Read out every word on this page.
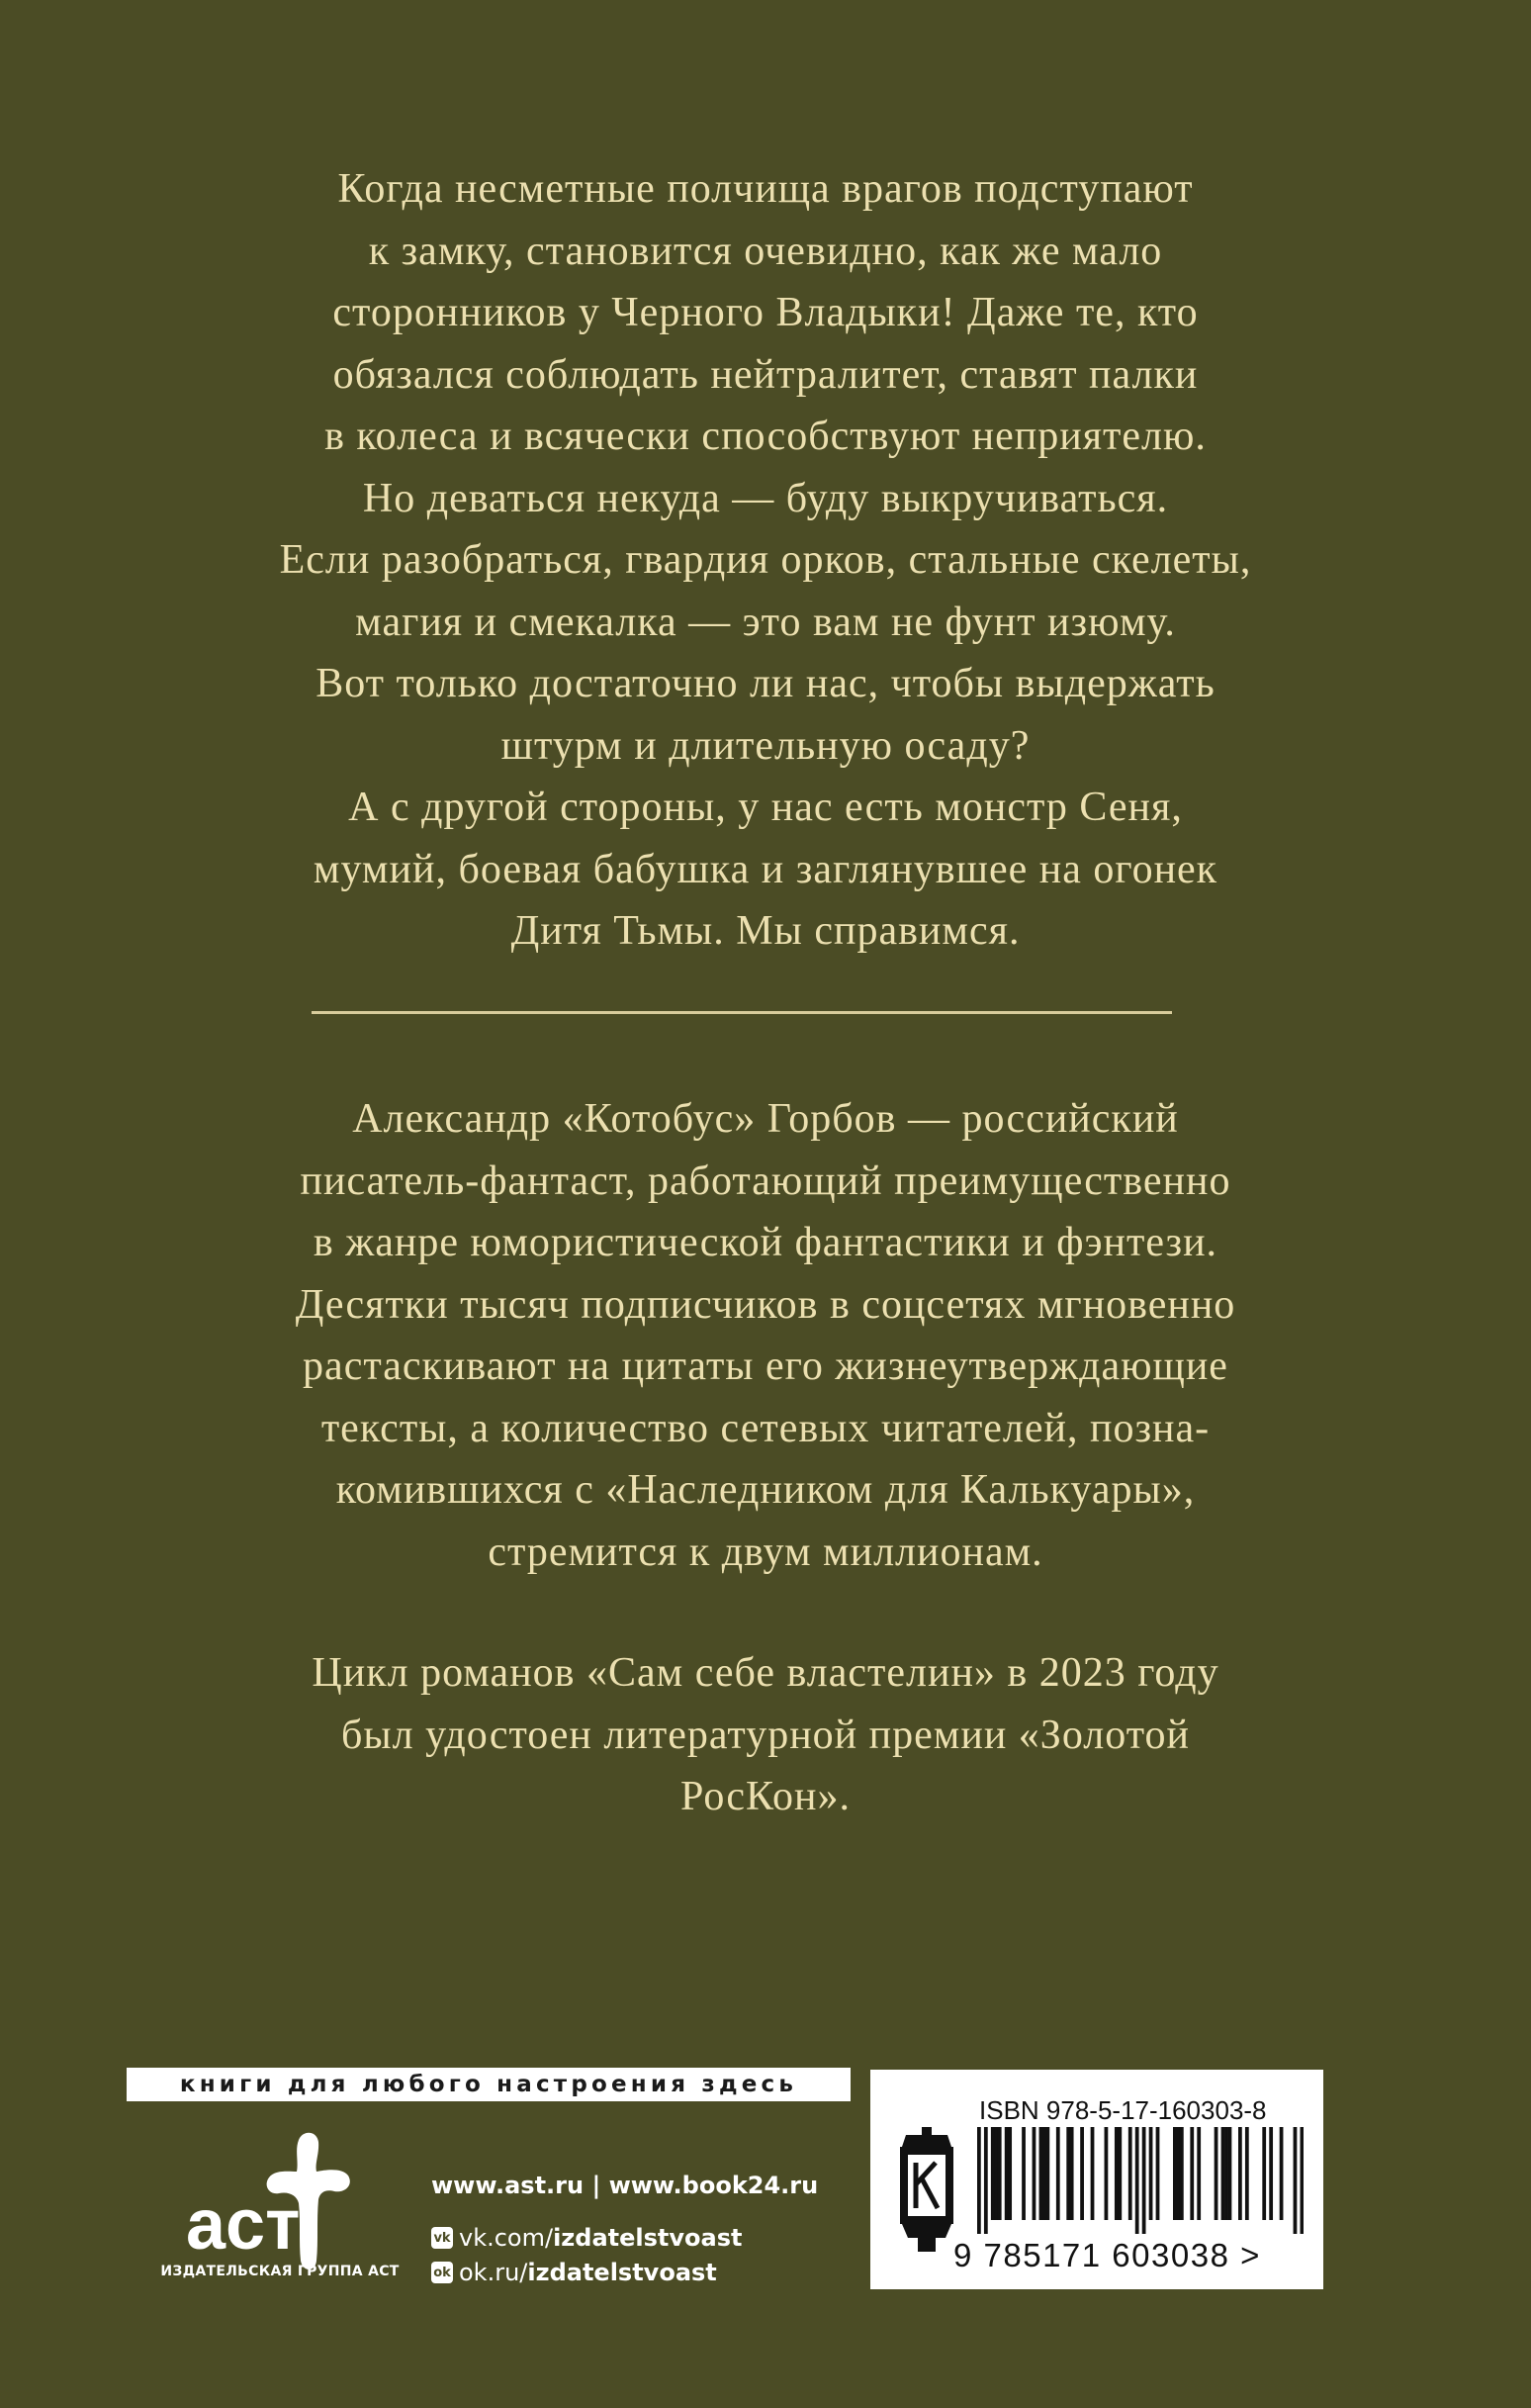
Когда несметные полчища врагов подступают
к замку, становится очевидно, как же мало
сторонников у Черного Владыки! Даже те, кто
обязался соблюдать нейтралитет, ставят палки
в колеса и всячески способствуют неприятелю.
Но деваться некуда — буду выкручиваться.
Если разобраться, гвардия орков, стальные скелеты,
магия и смекалка — это вам не фунт изюму.
Вот только достаточно ли нас, чтобы выдержать
штурм и длительную осаду?
А с другой стороны, у нас есть монстр Сеня,
мумий, боевая бабушка и заглянувшее на огонек
Дитя Тьмы. Мы справимся.

Александр «Котобус» Горбов — российский
писатель-фантаст, работающий преимущественно
в жанре юмористической фантастики и фэнтези.
Десятки тысяч подписчиков в соцсетях мгновенно
растаскивают на цитаты его жизнеутверждающие
тексты, а количество сетевых читателей, позна-
комившихся с «Наследником для Калькуары»,
стремится к двум миллионам.

Цикл романов «Сам себе властелин» в 2023 году
был удостоен литературной премии «Золотой
РосКон».

книги для любого настроения здесь
аст
ИЗДАТЕЛЬСКАЯ ГРУППА АСТ
www.ast.ru | www.book24.ru
vk vk.com/ izdatelstvoast
ok ok.ru/ izdatelstvoast
ISBN 978-5-17-160303-8
9 785171 603038 >
